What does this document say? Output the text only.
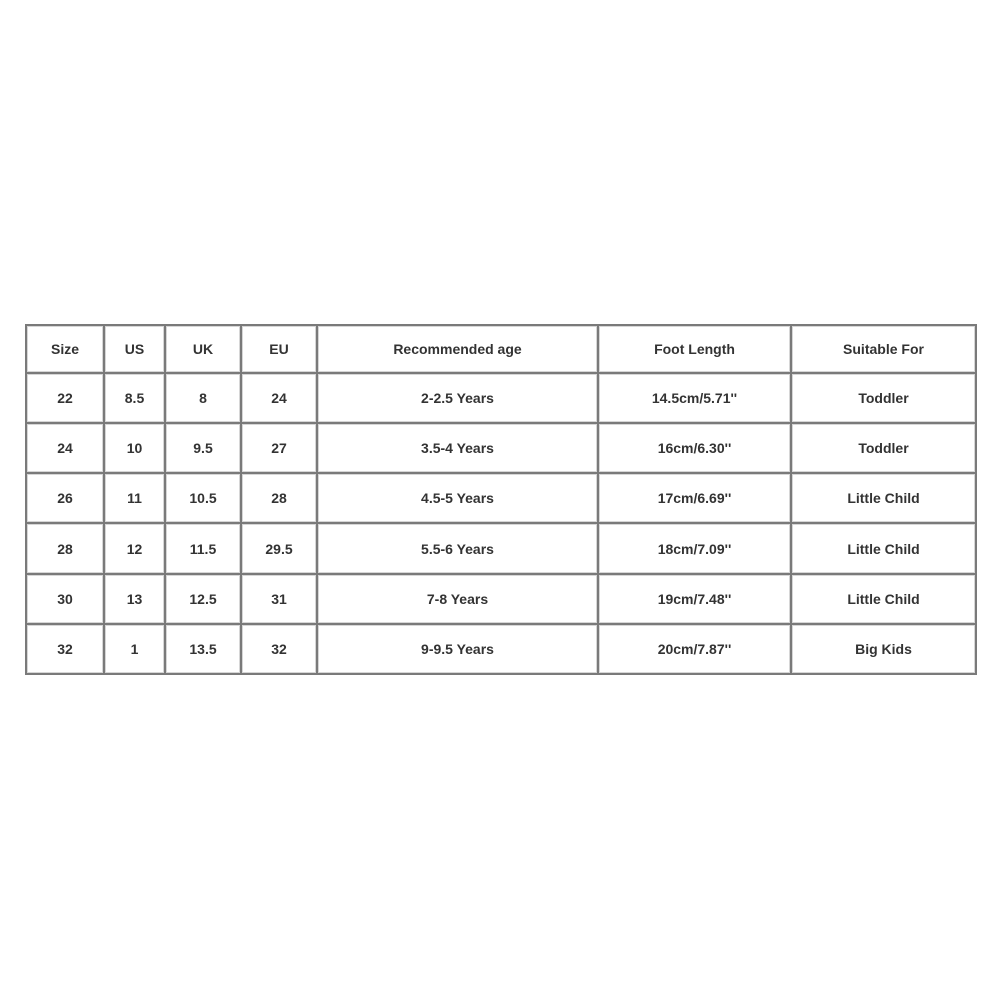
Size	US	UK	EU	Recommended age	Foot Length	Suitable For
22	8.5	8	24	2-2.5 Years	14.5cm/5.71''	Toddler
24	10	9.5	27	3.5-4 Years	16cm/6.30''	Toddler
26	11	10.5	28	4.5-5 Years	17cm/6.69''	Little Child
28	12	11.5	29.5	5.5-6 Years	18cm/7.09''	Little Child
30	13	12.5	31	7-8 Years	19cm/7.48''	Little Child
32	1	13.5	32	9-9.5 Years	20cm/7.87''	Big Kids
